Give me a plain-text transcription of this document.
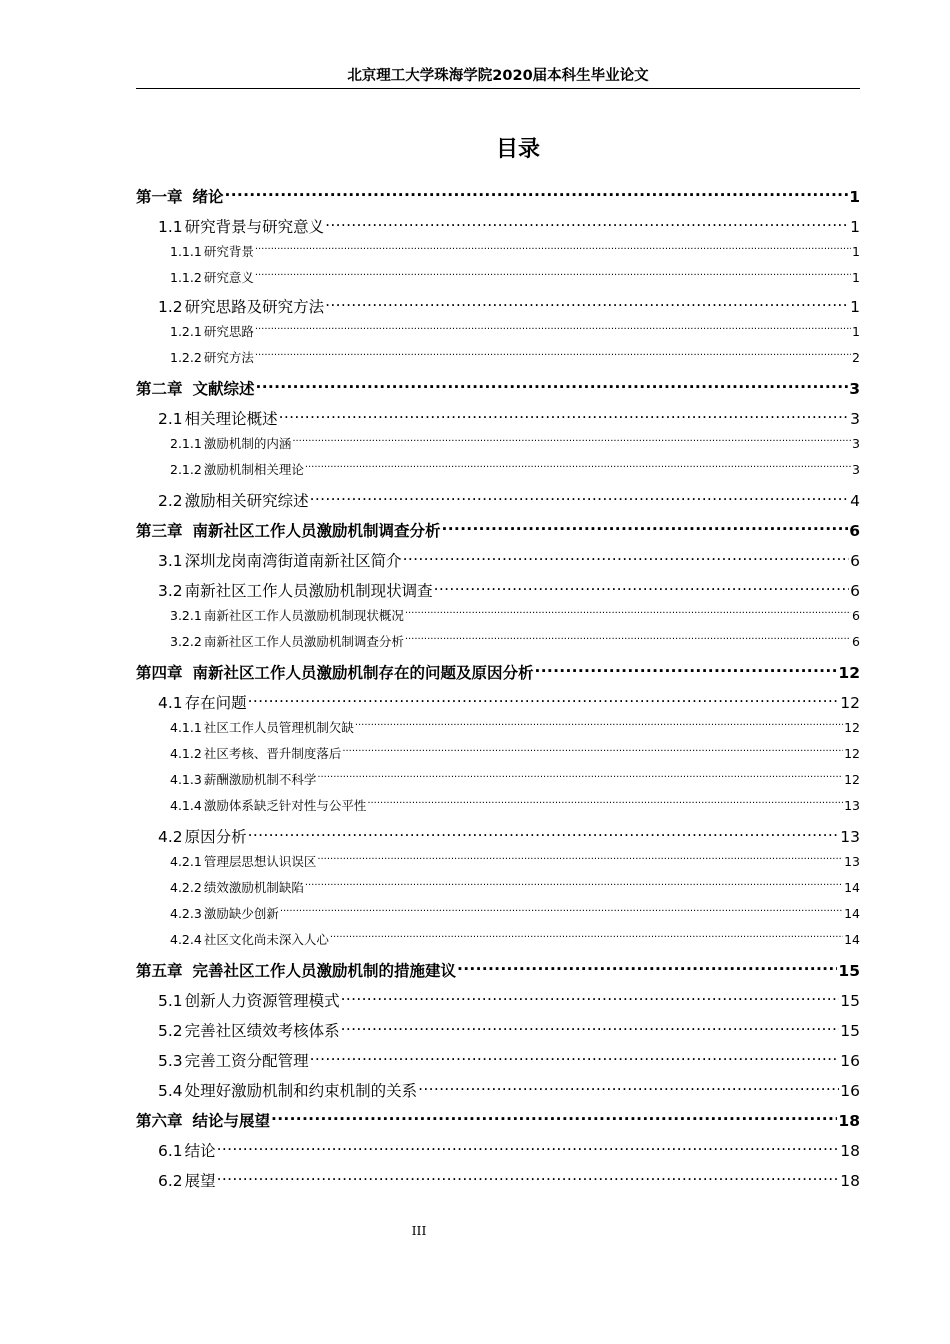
北京理工大学珠海学院2020届本科生毕业论文
目录
第一章 绪论 .....	1
1.1 研究背景与研究意义 .....	1
1.1.1 研究背景 .....	1
1.1.2 研究意义 .....	1
1.2 研究思路及研究方法 .....	1
1.2.1 研究思路 .....	1
1.2.2 研究方法 .....	2
第二章 文献综述 .....	3
2.1 相关理论概述 .....	3
2.1.1 激励机制的内涵 .....	3
2.1.2 激励机制相关理论 .....	3
2.2 激励相关研究综述 .....	4
第三章 南新社区工作人员激励机制调查分析 .....	6
3.1 深圳龙岗南湾街道南新社区简介 .....	6
3.2 南新社区工作人员激励机制现状调查 .....	6
3.2.1 南新社区工作人员激励机制现状概况 .....	6
3.2.2 南新社区工作人员激励机制调查分析 .....	6
第四章 南新社区工作人员激励机制存在的问题及原因分析 .....	12
4.1 存在问题 .....	12
4.1.1 社区工作人员管理机制欠缺 .....	12
4.1.2 社区考核、晋升制度落后 .....	12
4.1.3 薪酬激励机制不科学 .....	12
4.1.4 激励体系缺乏针对性与公平性 .....	13
4.2 原因分析 .....	13
4.2.1 管理层思想认识误区 .....	13
4.2.2 绩效激励机制缺陷 .....	14
4.2.3 激励缺少创新 .....	14
4.2.4 社区文化尚未深入人心 .....	14
第五章 完善社区工作人员激励机制的措施建议 .....	15
5.1 创新人力资源管理模式 .....	15
5.2 完善社区绩效考核体系 .....	15
5.3 完善工资分配管理 .....	16
5.4 处理好激励机制和约束机制的关系 .....	16
第六章 结论与展望 .....	18
6.1 结论 .....	18
6.2 展望 .....	18
III
